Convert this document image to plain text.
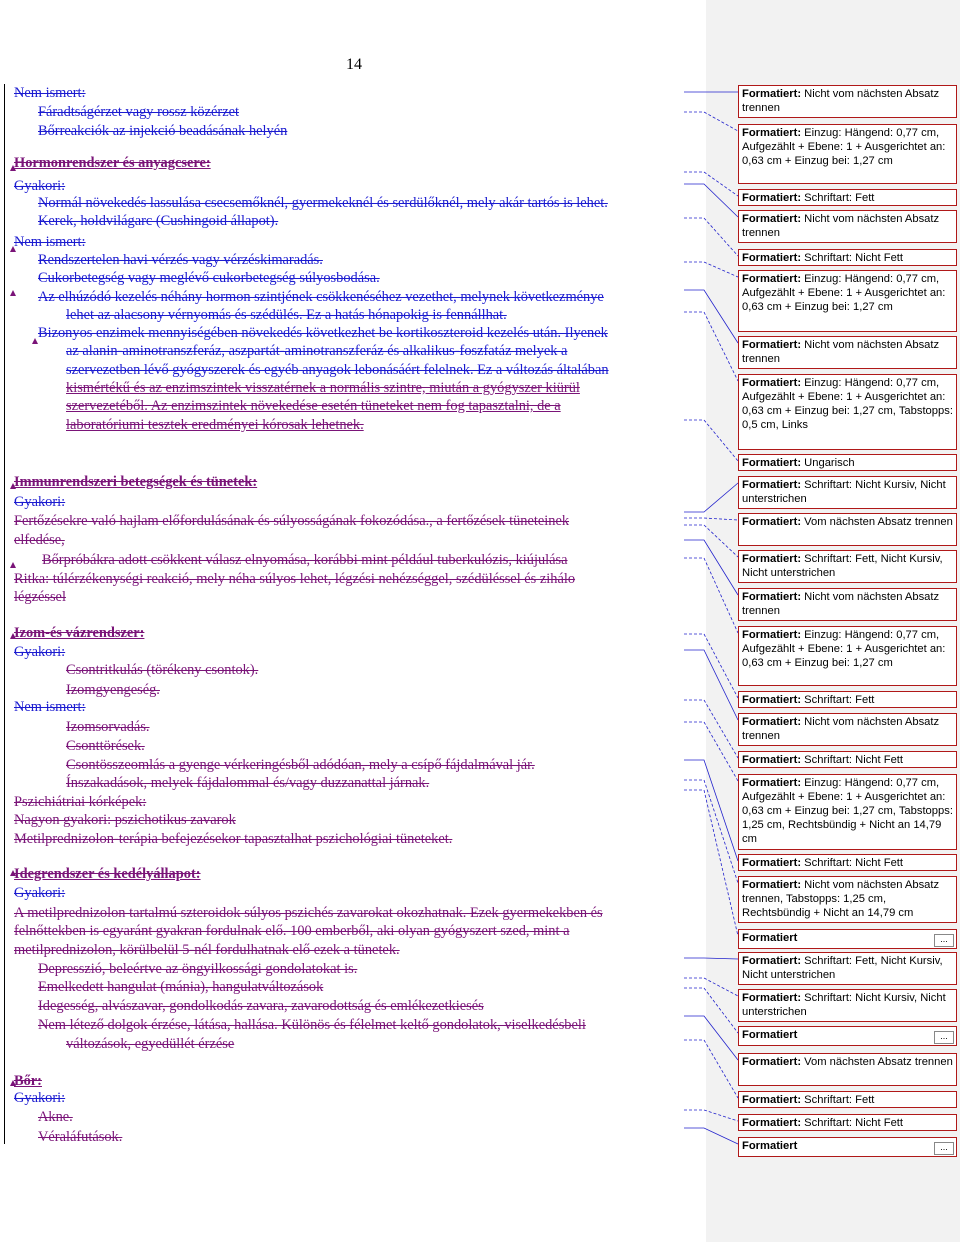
14
Nem ismert:
Fáradtságérzet vagy rossz közérzet
Bőrreakciók az injekció beadásának helyén
Hormonrendszer és anyagcsere:
Gyakori:
Normál növekedés lassulása csecsemőknél, gyermekeknél és serdülőknél, mely akár tartós is lehet.
Kerek, holdvilágarc (Cushingoid állapot).
Nem ismert:
Rendszertelen havi vérzés vagy vérzéskimaradás.
Cukorbetegség vagy meglévő cukorbetegség súlyosbodása.
Az elhúzódó kezelés néhány hormon szintjének csökkenéséhez vezethet, melynek következménye
lehet az alacsony vérnyomás és szédülés. Ez a hatás hónapokig is fennállhat.
Bizonyos enzimek mennyiségében növekedés következhet be kortikoszteroid kezelés után. Ilyenek
az alanin-aminotranszferáz, aszpartát-aminotranszferáz és alkalikus-foszfatáz melyek a
szervezetben lévő gyógyszerek és egyéb anyagok lebonásáért felelnek. Ez a változás általában
kismértékű és az enzimszintek visszatérnek a normális szintre, miután a gyógyszer kiürül
szervezetéből. Az enzimszintek növekedése esetén tüneteket nem fog tapasztalni, de a
laboratóriumi tesztek eredményei kórosak lehetnek.
Immunrendszeri betegségek és tünetek:
Gyakori:
Fertőzésekre való hajlam előfordulásának és súlyosságának fokozódása., a fertőzések tüneteinek
elfedése,
Bőrpróbákra adott csökkent válasz elnyomása, korábbi mint például tuberkulózis, kiújulása
Ritka: túlérzékenységi reakció, mely néha súlyos lehet, légzési nehézséggel, szédüléssel és zihálo
légzéssel
Izom-és vázrendszer:
Gyakori:
Csontritkulás (törékeny csontok).
Izomgyengeség.
Nem ismert:
Izomsorvadás.
Csonttörések.
Csontösszeomlás a gyenge vérkeringésből adódóan, mely a csípő fájdalmával jár.
Ínszakadások, melyek fájdalommal és/vagy duzzanattal járnak.
Pszichiátriai kórképek:
Nagyon gyakori: pszichotikus zavarok
Metilprednizolon-terápia befejezésekor tapasztalhat pszichológiai tüneteket.
Idegrendszer és kedélyállapot:
Gyakori:
A metilprednizolon tartalmú szteroidok súlyos pszichés zavarokat okozhatnak. Ezek gyermekekben és
felnőttekben is egyaránt gyakran fordulnak elő. 100 emberből, aki olyan gyógyszert szed, mint a
metilprednizolon, körülbelül 5-nél fordulhatnak elő ezek a tünetek.
Depresszió, beleértve az öngyilkossági gondolatokat is.
Emelkedett hangulat (mánia), hangulatváltozások
Idegesség, alvászavar, gondolkodás zavara, zavarodottság és emlékezetkiesés
Nem létező dolgok érzése, látása, hallása. Különös és félelmet keltő gondolatok, viselkedésbeli
változások, egyedüllét érzése
Bőr:
Gyakori:
Akne.
Véraláfutások.
Formatiert: Nicht vom nächsten Absatz trennen
Formatiert: Einzug: Hängend: 0,77 cm, Aufgezählt + Ebene: 1 + Ausgerichtet an: 0,63 cm + Einzug bei: 1,27 cm
Formatiert: Schriftart: Fett
Formatiert: Nicht vom nächsten Absatz trennen
Formatiert: Schriftart: Nicht Fett
Formatiert: Einzug: Hängend: 0,77 cm, Aufgezählt + Ebene: 1 + Ausgerichtet an: 0,63 cm + Einzug bei: 1,27 cm
Formatiert: Nicht vom nächsten Absatz trennen
Formatiert: Einzug: Hängend: 0,77 cm, Aufgezählt + Ebene: 1 + Ausgerichtet an: 0,63 cm + Einzug bei: 1,27 cm, Tabstopps: 0,5 cm, Links
Formatiert: Ungarisch
Formatiert: Schriftart: Nicht Kursiv, Nicht unterstrichen
Formatiert: Vom nächsten Absatz trennen
Formatiert: Schriftart: Fett, Nicht Kursiv, Nicht unterstrichen
Formatiert: Nicht vom nächsten Absatz trennen
Formatiert: Einzug: Hängend: 0,77 cm, Aufgezählt + Ebene: 1 + Ausgerichtet an: 0,63 cm + Einzug bei: 1,27 cm
Formatiert: Schriftart: Fett
Formatiert: Nicht vom nächsten Absatz trennen
Formatiert: Schriftart: Nicht Fett
Formatiert: Einzug: Hängend: 0,77 cm, Aufgezählt + Ebene: 1 + Ausgerichtet an: 0,63 cm + Einzug bei: 1,27 cm, Tabstopps: 1,25 cm, Rechtsbündig + Nicht an 14,79 cm
Formatiert: Schriftart: Nicht Fett
Formatiert: Nicht vom nächsten Absatz trennen, Tabstopps: 1,25 cm, Rechtsbündig + Nicht an 14,79 cm
Formatiert	...
Formatiert: Schriftart: Fett, Nicht Kursiv, Nicht unterstrichen
Formatiert: Schriftart: Nicht Kursiv, Nicht unterstrichen
Formatiert	...
Formatiert: Vom nächsten Absatz trennen
Formatiert: Schriftart: Fett
Formatiert: Schriftart: Nicht Fett
Formatiert	...
